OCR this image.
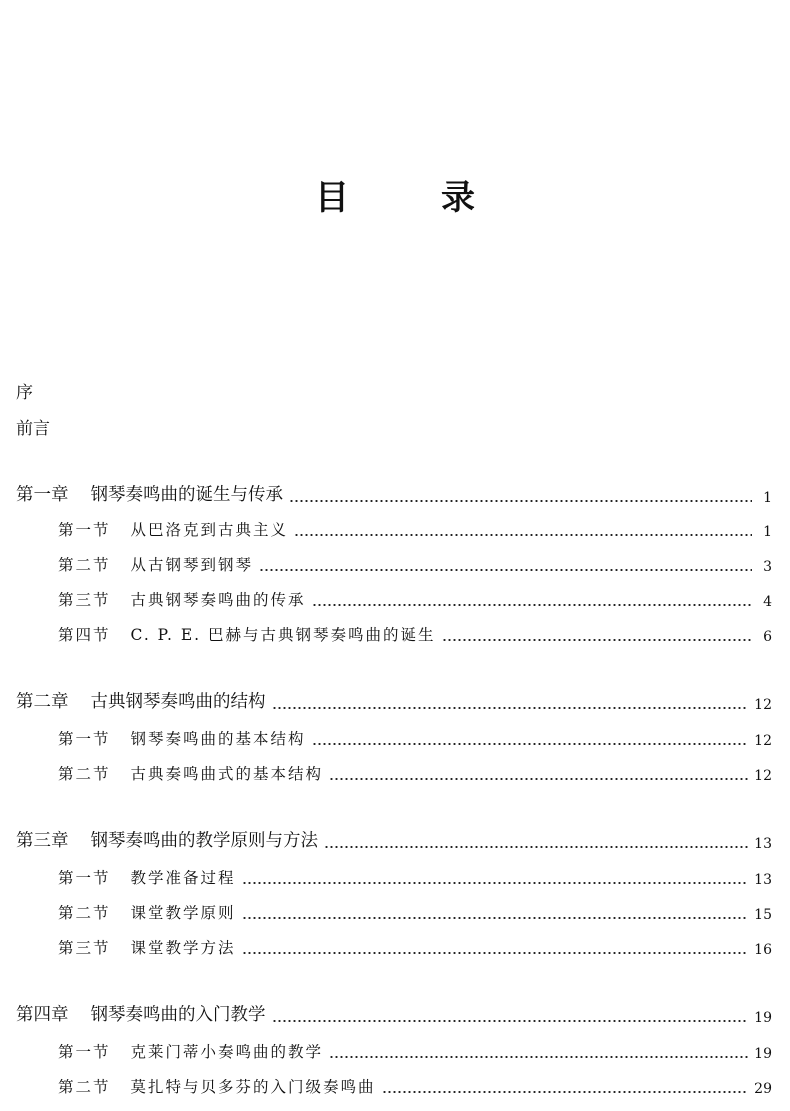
目	录
序
前言
第一章 钢琴奏鸣曲的诞生与传承	1
第一节 从巴洛克到古典主义	1
第二节 从古钢琴到钢琴	3
第三节 古典钢琴奏鸣曲的传承	4
第四节 C. P. E. 巴赫与古典钢琴奏鸣曲的诞生	6
第二章 古典钢琴奏鸣曲的结构	12
第一节 钢琴奏鸣曲的基本结构	12
第二节 古典奏鸣曲式的基本结构	12
第三章 钢琴奏鸣曲的教学原则与方法	13
第一节 教学准备过程	13
第二节 课堂教学原则	15
第三节 课堂教学方法	16
第四章 钢琴奏鸣曲的入门教学	19
第一节 克莱门蒂小奏鸣曲的教学	19
第二节 莫扎特与贝多芬的入门级奏鸣曲	29
